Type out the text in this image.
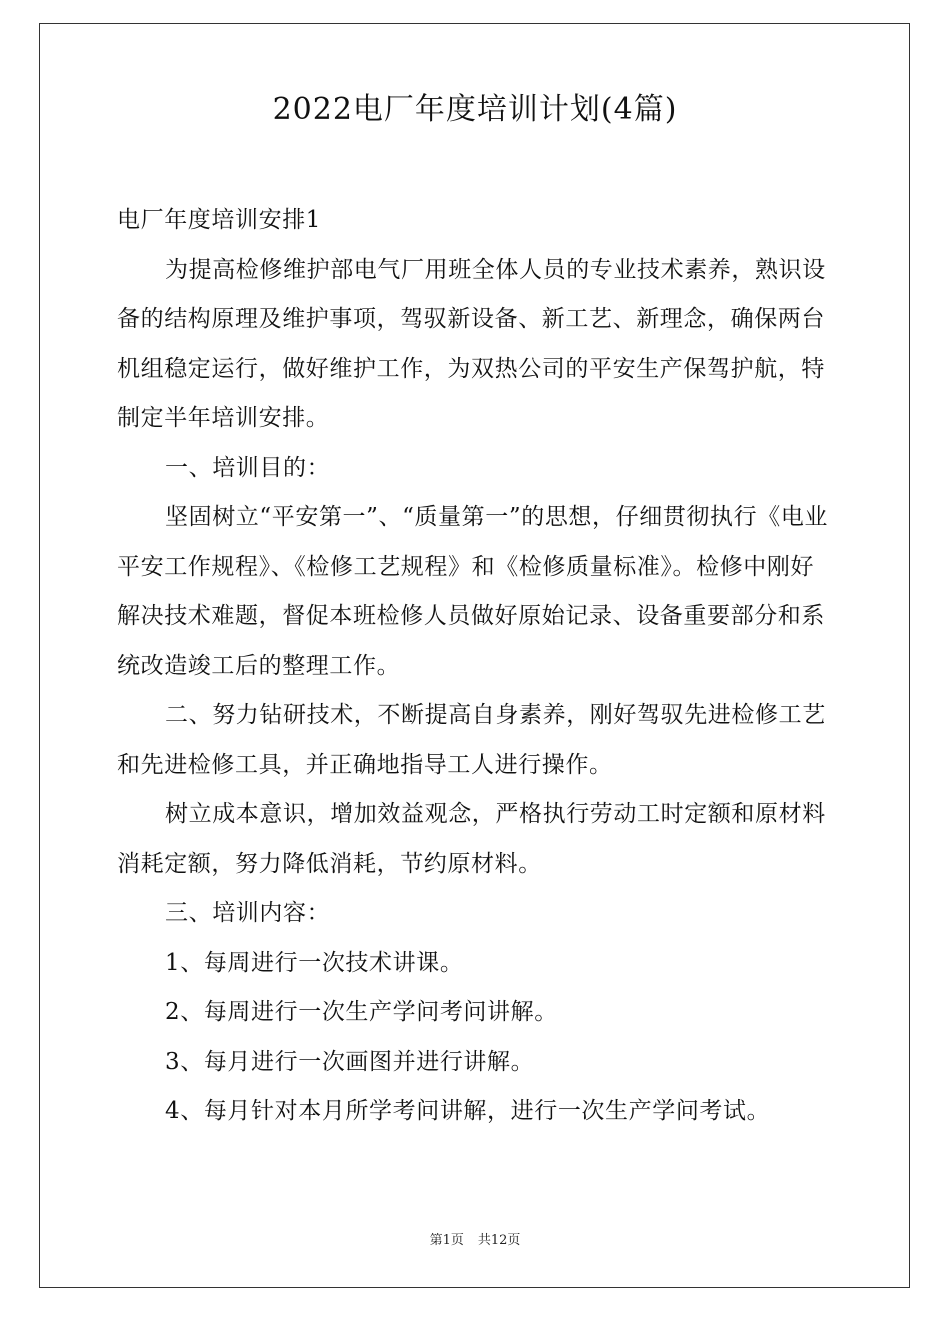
2022电厂年度培训计划(4篇)

电厂年度培训安排1

为提高检修维护部电气厂用班全体人员的专业技术素养，熟识设备的结构原理及维护事项，驾驭新设备、新工艺、新理念，确保两台机组稳定运行，做好维护工作，为双热公司的平安生产保驾护航，特制定半年培训安排。

一、培训目的：

坚固树立“平安第一”、“质量第一”的思想，仔细贯彻执行《电业平安工作规程》、《检修工艺规程》和《检修质量标准》。检修中刚好解决技术难题，督促本班检修人员做好原始记录、设备重要部分和系统改造竣工后的整理工作。

二、努力钻研技术，不断提高自身素养，刚好驾驭先进检修工艺和先进检修工具，并正确地指导工人进行操作。

树立成本意识，增加效益观念，严格执行劳动工时定额和原材料消耗定额，努力降低消耗，节约原材料。

三、培训内容：

1、每周进行一次技术讲课。

2、每周进行一次生产学问考问讲解。

3、每月进行一次画图并进行讲解。

4、每月针对本月所学考问讲解，进行一次生产学问考试。

第1页 共12页
